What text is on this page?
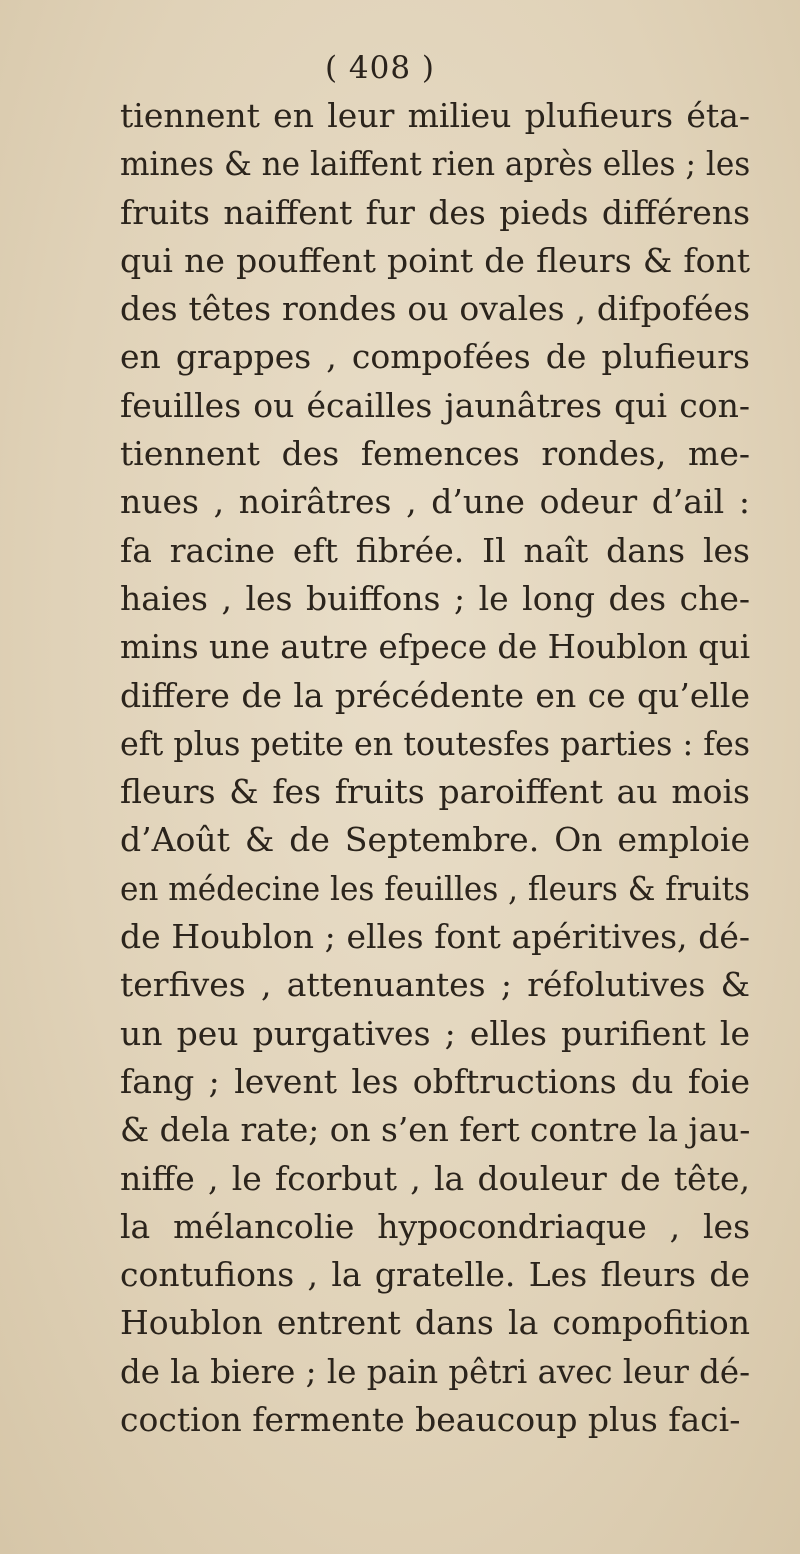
( 408 )
tiennent en leur milieu plufieurs éta-
mines & ne laiffent rien après elles ; les
fruits naiffent fur des pieds différens
qui ne pouffent point de fleurs & font
des têtes rondes ou ovales , difpofées
en grappes , compofées de plufieurs
feuilles ou écailles jaunâtres qui con-
tiennent des femences rondes, me-
nues , noirâtres , d’une odeur d’ail :
fa racine eft fibrée. Il naît dans les
haies , les buiffons ; le long des che-
mins une autre efpece de Houblon qui
differe de la précédente en ce qu’elle
eft plus petite en toutesfes parties : fes
fleurs & fes fruits paroiffent au mois
d’Août & de Septembre. On emploie
en médecine les feuilles , fleurs & fruits
de Houblon ; elles font apéritives, dé-
terfives , attenuantes ; réfolutives &
un peu purgatives ; elles purifient le
fang ; levent les obftructions du foie
& dela rate; on s’en fert contre la jau-
niffe , le fcorbut , la douleur de tête,
la mélancolie hypocondriaque , les
contufions , la gratelle. Les fleurs de
Houblon entrent dans la compofition
de la biere ; le pain pêtri avec leur dé-
coction fermente beaucoup plus faci-
